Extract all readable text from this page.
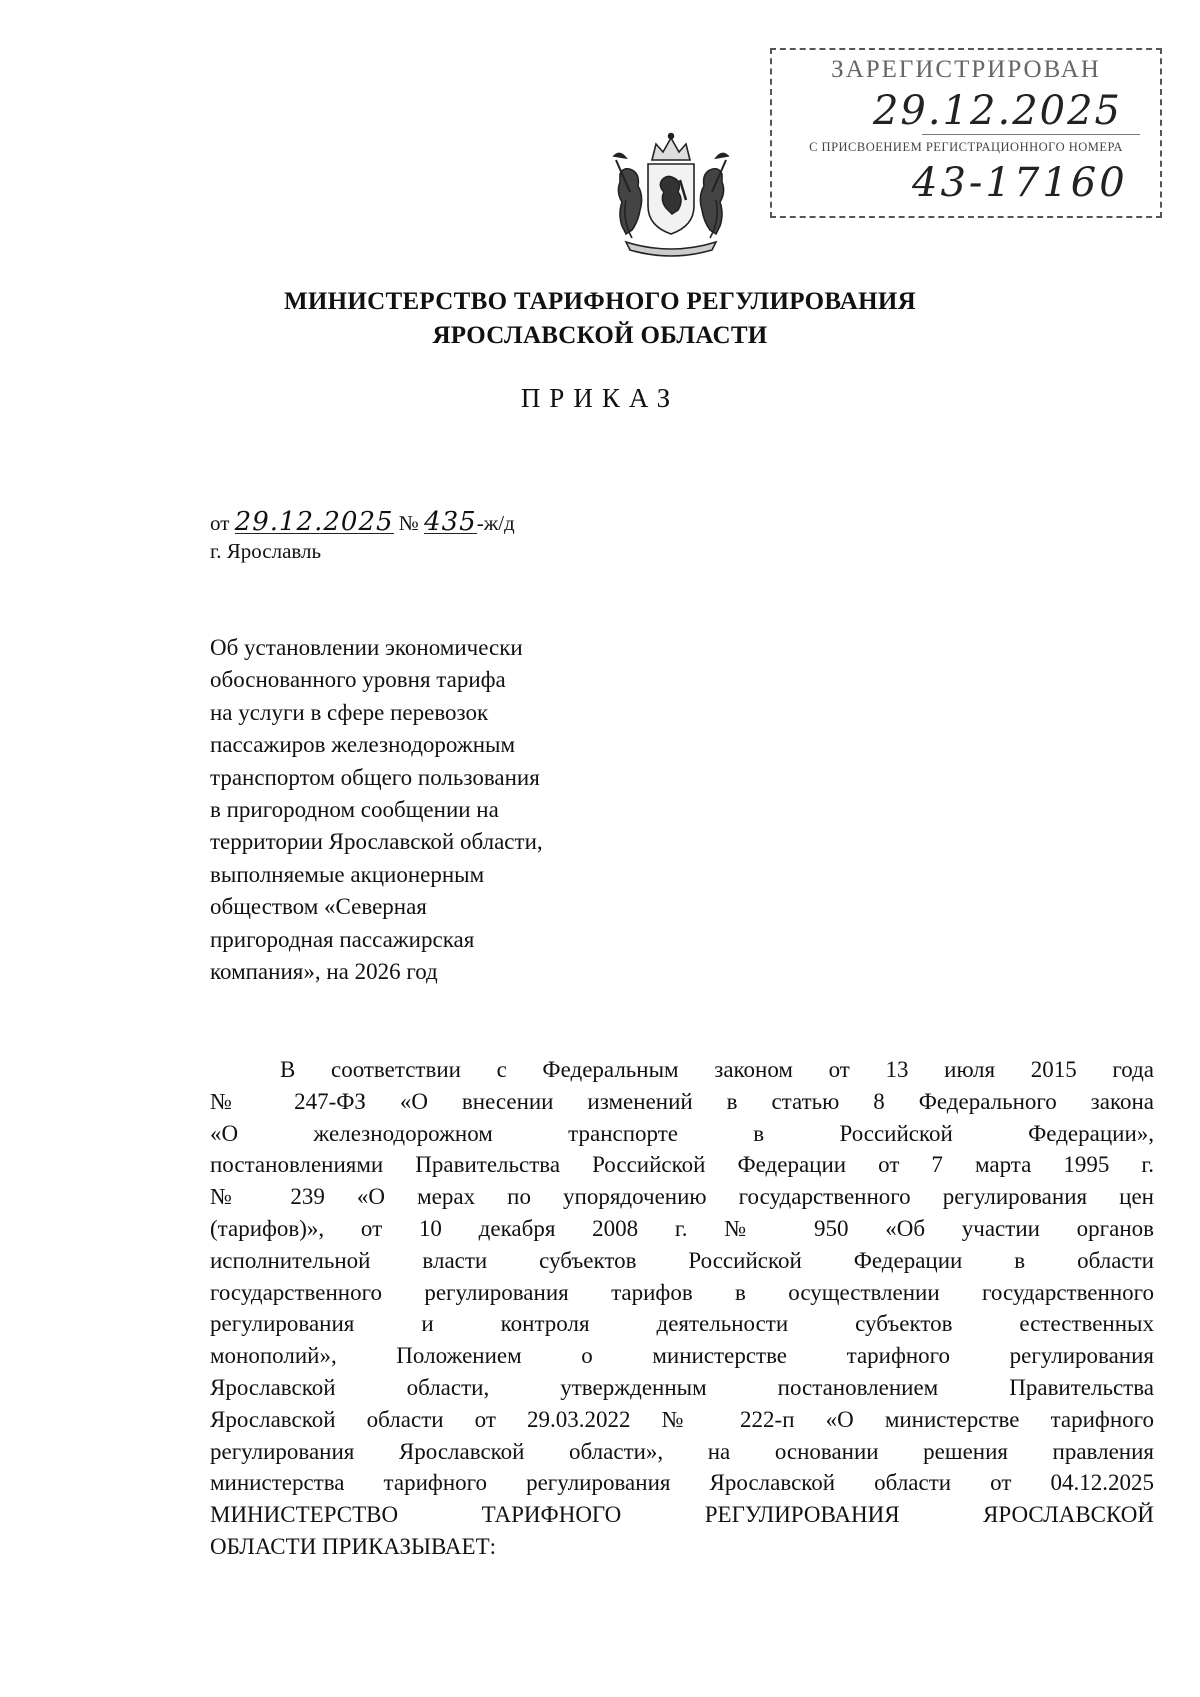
ЗАРЕГИСТРИРОВАН
29.12.2025
С ПРИСВОЕНИЕМ РЕГИСТРАЦИОННОГО НОМЕРА
43-17160
МИНИСТЕРСТВО ТАРИФНОГО РЕГУЛИРОВАНИЯ
ЯРОСЛАВСКОЙ ОБЛАСТИ
ПРИКАЗ
от 29.12.2025 № 435-ж/д
г. Ярославль
Об установлении экономически
обоснованного уровня тарифа
на услуги в сфере перевозок
пассажиров железнодорожным
транспортом общего пользования
в пригородном сообщении на
территории Ярославской области,
выполняемые акционерным
обществом «Северная
пригородная пассажирская
компания», на 2026 год
В соответствии с Федеральным законом от 13 июля 2015 года
№ 247-ФЗ «О внесении изменений в статью 8 Федерального закона
«О железнодорожном транспорте в Российской Федерации»,
постановлениями Правительства Российской Федерации от 7 марта 1995 г.
№ 239 «О мерах по упорядочению государственного регулирования цен
(тарифов)», от 10 декабря 2008 г. № 950 «Об участии органов
исполнительной власти субъектов Российской Федерации в области
государственного регулирования тарифов в осуществлении государственного
регулирования и контроля деятельности субъектов естественных
монополий», Положением о министерстве тарифного регулирования
Ярославской области, утвержденным постановлением Правительства
Ярославской области от 29.03.2022 № 222-п «О министерстве тарифного
регулирования Ярославской области», на основании решения правления
министерства тарифного регулирования Ярославской области от 04.12.2025
МИНИСТЕРСТВО ТАРИФНОГО РЕГУЛИРОВАНИЯ ЯРОСЛАВСКОЙ
ОБЛАСТИ ПРИКАЗЫВАЕТ:
